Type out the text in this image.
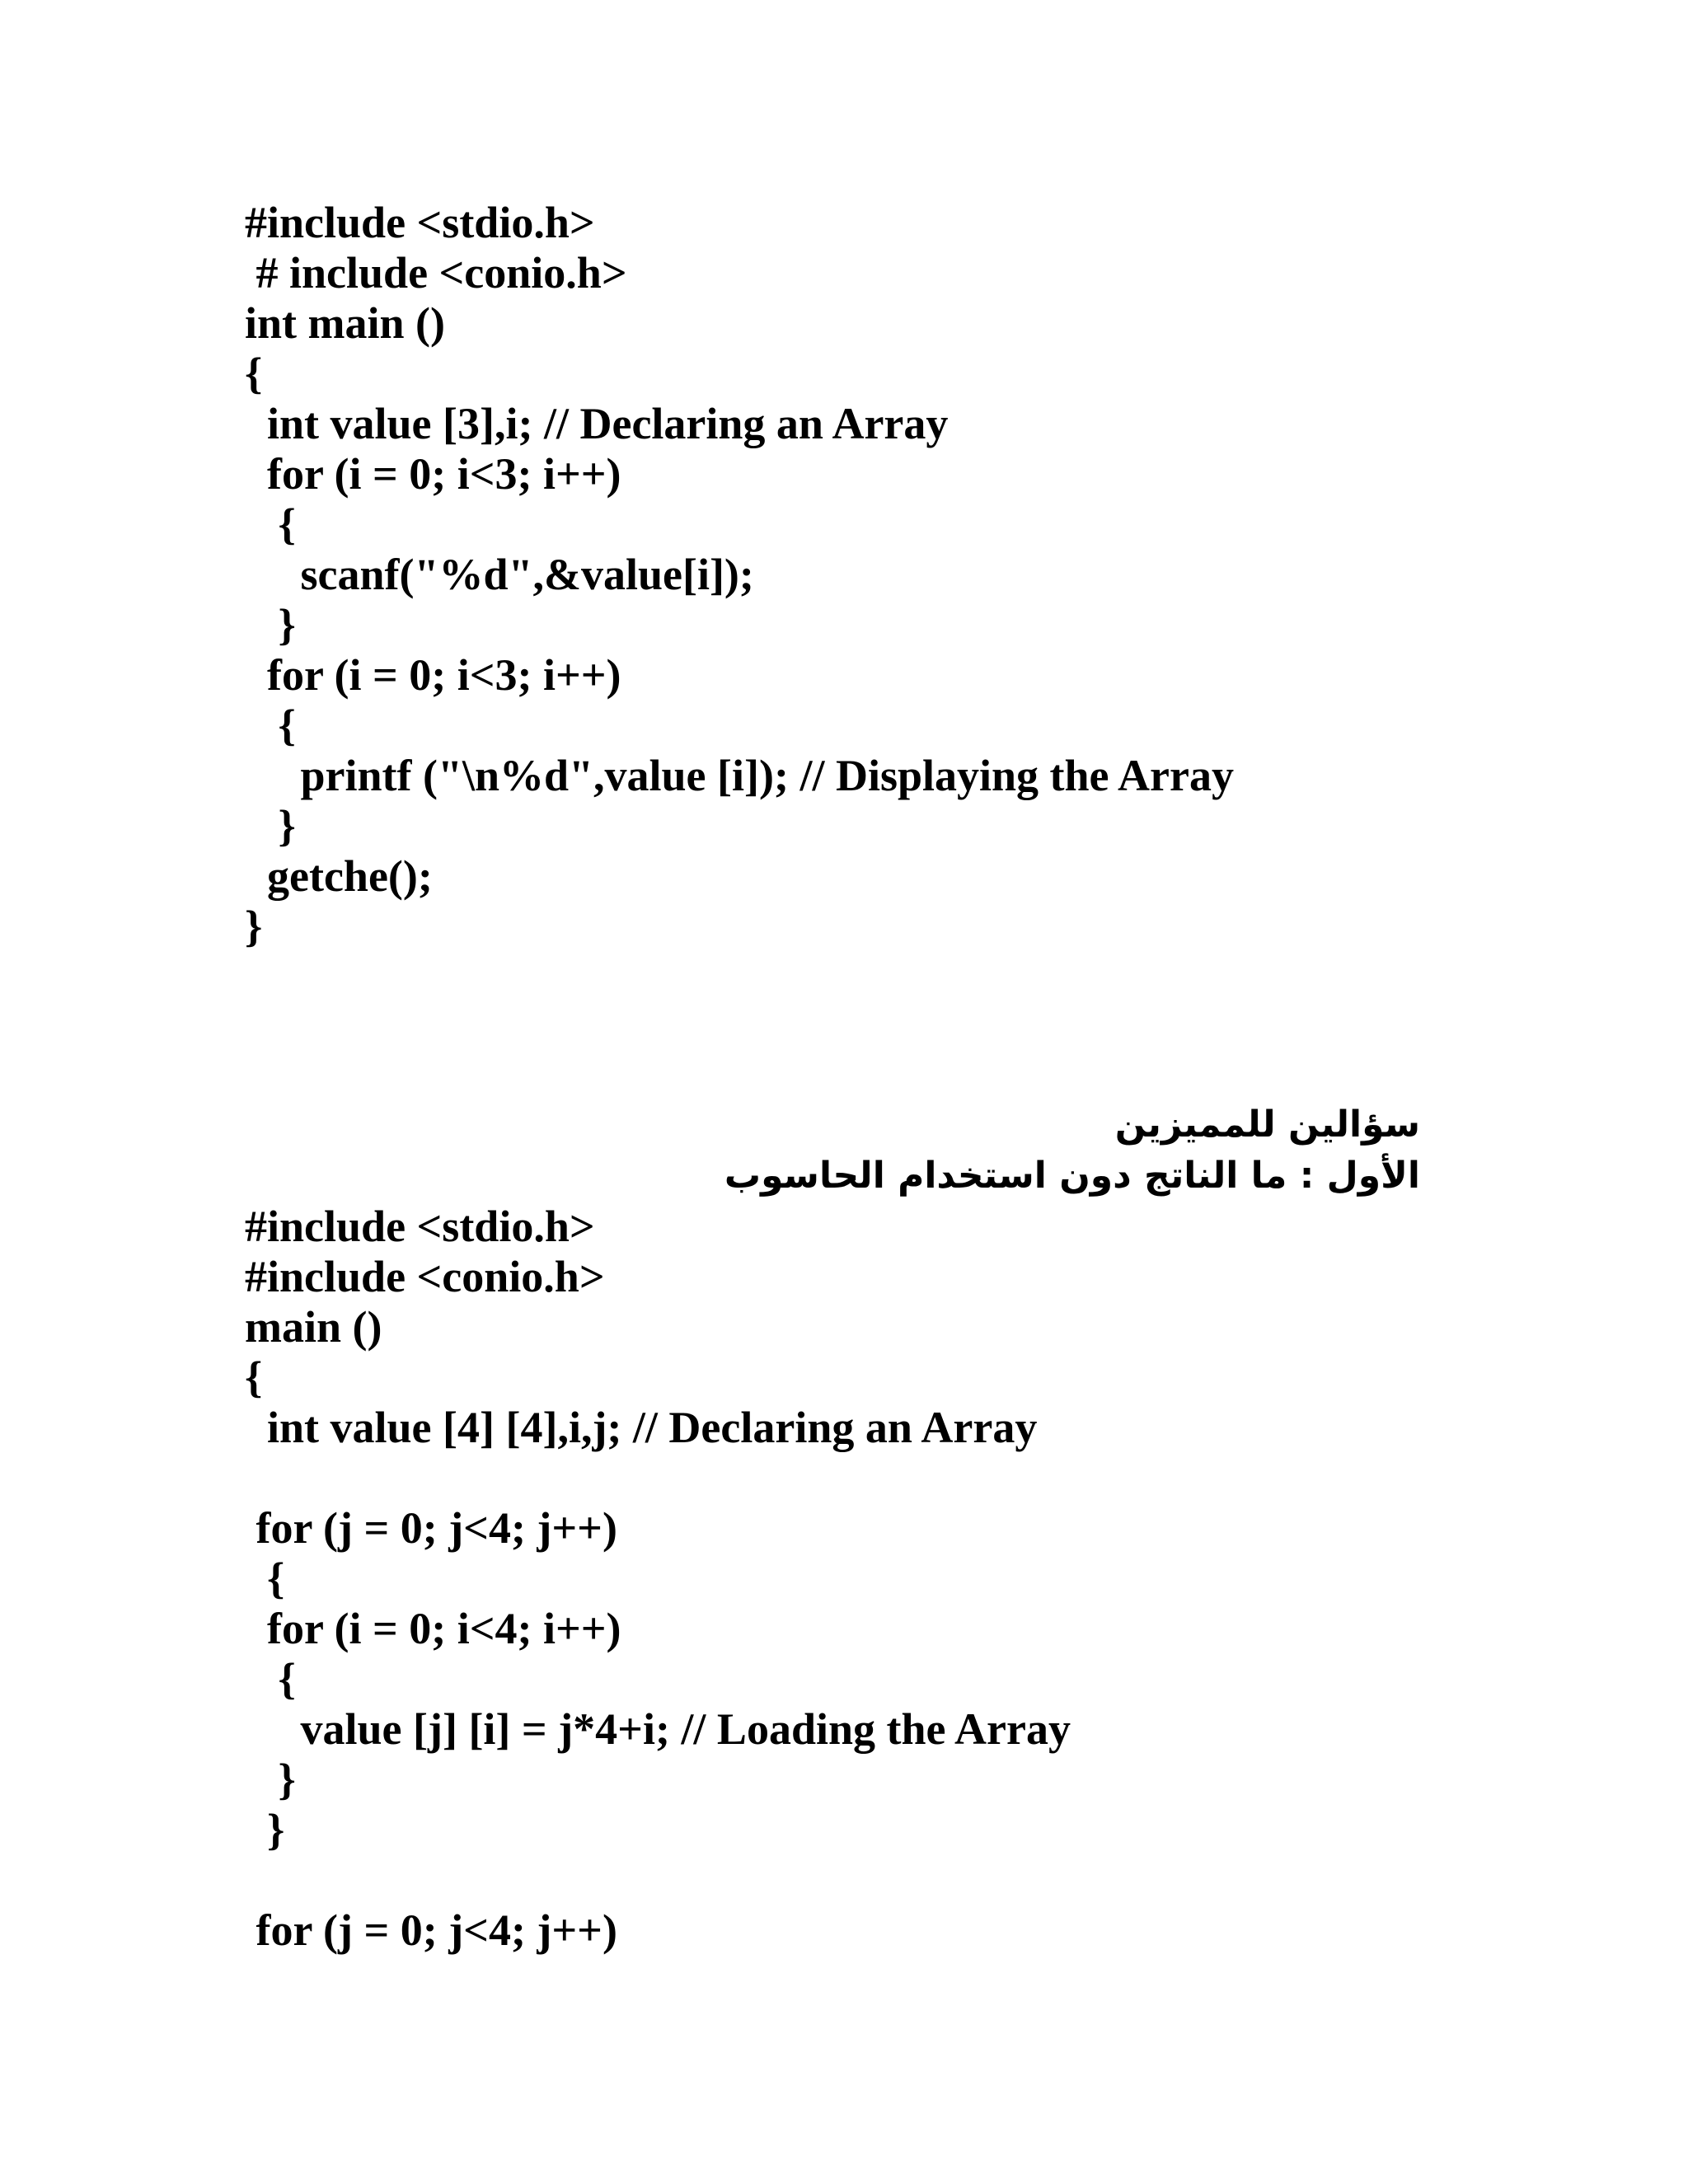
#include <stdio.h>
# include <conio.h>
int main ()
{
int value [3],i; // Declaring an Array
for (i = 0; i<3; i++)
{
scanf("%d",&value[i]);
}
for (i = 0; i<3; i++)
{
printf ("\n%d",value [i]); // Displaying the Array
}
getche();
}
سؤالين للمميزين
الأول : ما الناتج دون استخدام الحاسوب
#include <stdio.h>
#include <conio.h>
main ()
{
int value [4] [4],i,j; // Declaring an Array
for (j = 0; j<4; j++)
{
for (i = 0; i<4; i++)
{
value [j] [i] = j*4+i; // Loading the Array
}
}
for (j = 0; j<4; j++)
